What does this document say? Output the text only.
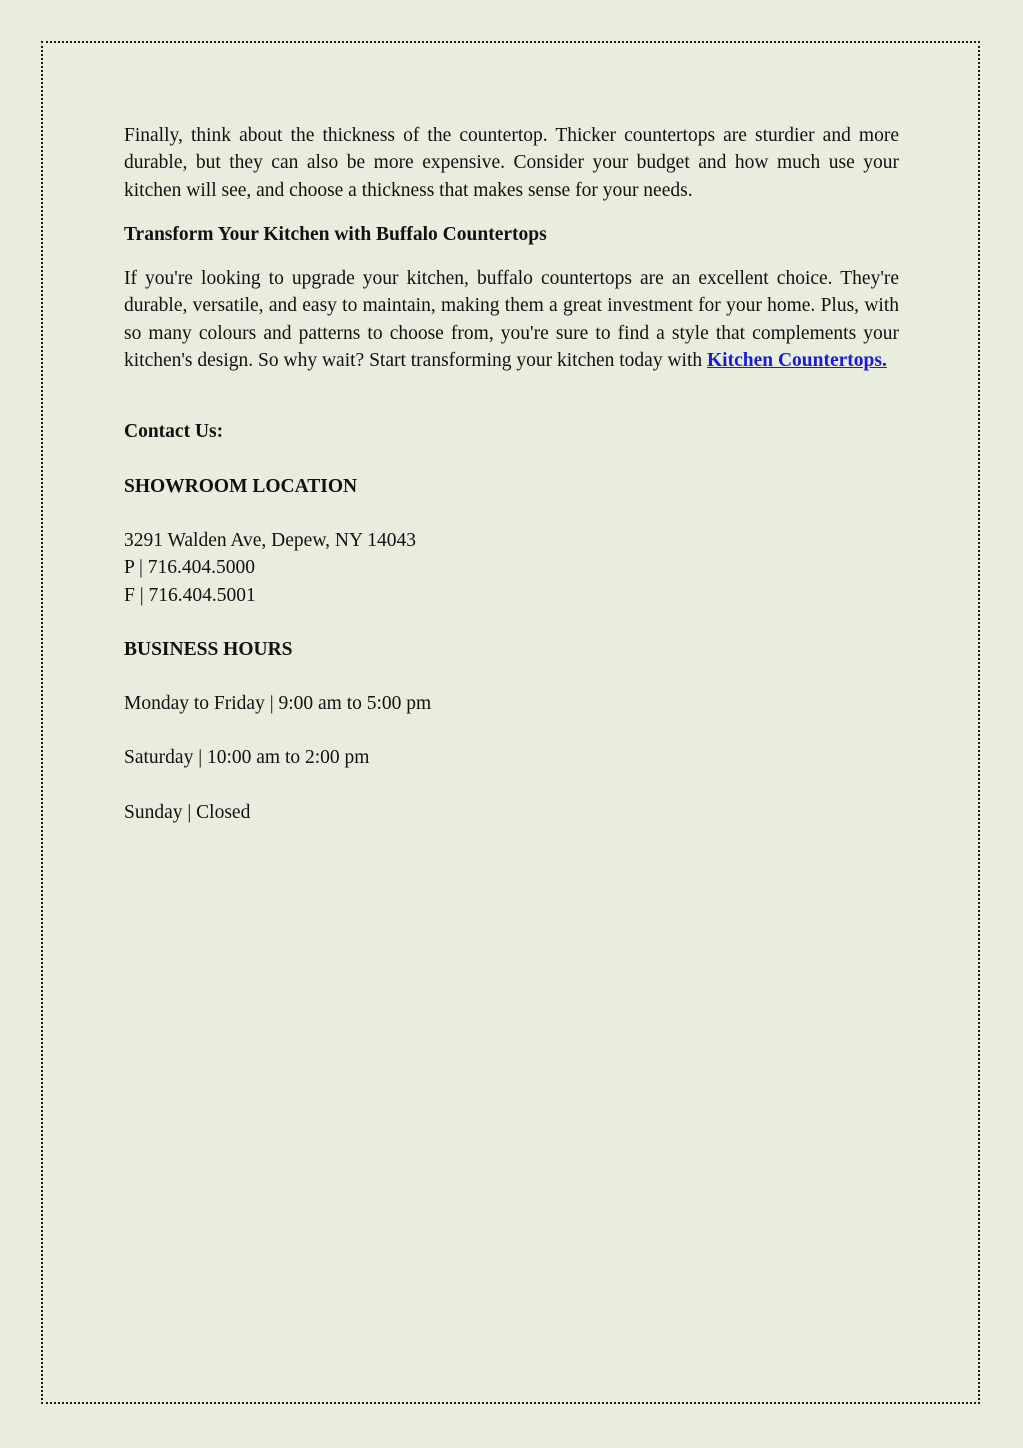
Finally, think about the thickness of the countertop. Thicker countertops are sturdier and more durable, but they can also be more expensive. Consider your budget and how much use your kitchen will see, and choose a thickness that makes sense for your needs.

Transform Your Kitchen with Buffalo Countertops

If you're looking to upgrade your kitchen, buffalo countertops are an excellent choice. They're durable, versatile, and easy to maintain, making them a great investment for your home. Plus, with so many colours and patterns to choose from, you're sure to find a style that complements your kitchen's design. So why wait? Start transforming your kitchen today with Kitchen Countertops.

Contact Us:

SHOWROOM LOCATION

3291 Walden Ave, Depew, NY 14043

P | 716.404.5000

F | 716.404.5001

BUSINESS HOURS

Monday to Friday | 9:00 am to 5:00 pm

Saturday | 10:00 am to 2:00 pm

Sunday | Closed
